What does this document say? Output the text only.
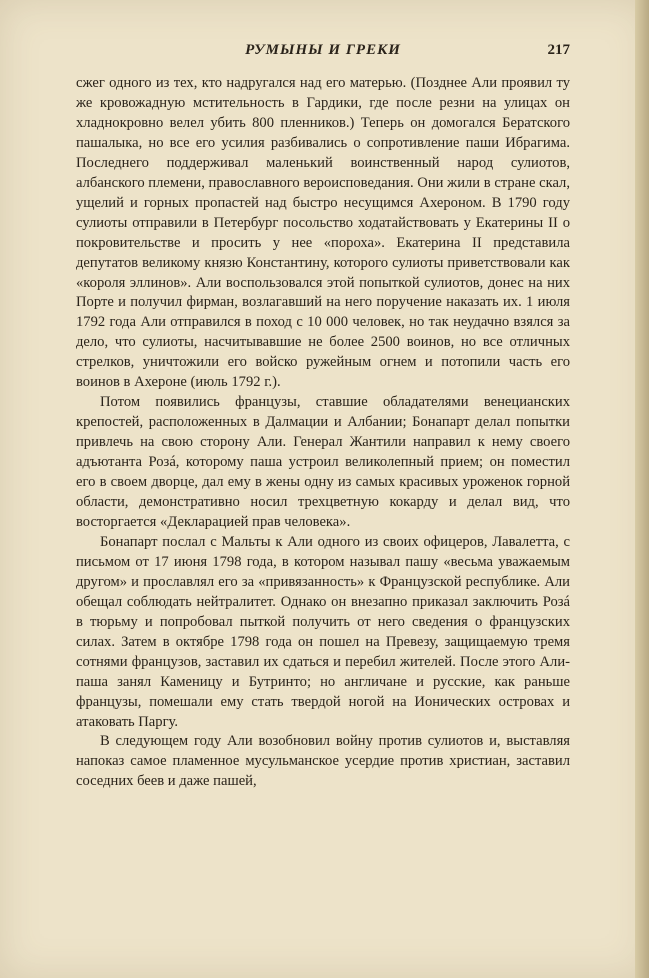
РУМЫНЫ И ГРЕКИ	217

сжег одного из тех, кто надругался над его матерью. (Позднее Али проявил ту же кровожадную мстительность в Гардики, где после резни на улицах он хладнокровно велел убить 800 пленников.) Теперь он домогался Бератского пашалыка, но все его усилия разбивались о сопротивление паши Ибрагима. Последнего поддерживал маленький воинственный народ сулиотов, албанского племени, православного вероисповедания. Они жили в стране скал, ущелий и горных пропастей над быстро несущимся Ахероном. В 1790 году сулиоты отправили в Петербург посольство ходатайствовать у Екатерины II о покровительстве и просить у нее «пороха». Екатерина II представила депутатов великому князю Константину, которого сулиоты приветствовали как «короля эллинов». Али воспользовался этой попыткой сулиотов, донес на них Порте и получил фирман, возлагавший на него поручение наказать их. 1 июля 1792 года Али отправился в поход с 10 000 человек, но так неудачно взялся за дело, что сулиоты, насчитывавшие не более 2500 воинов, но все отличных стрелков, уничтожили его войско ружейным огнем и потопили часть его воинов в Ахероне (июль 1792 г.).

Потом появились французы, ставшие обладателями венецианских крепостей, расположенных в Далмации и Албании; Бонапарт делал попытки привлечь на свою сторону Али. Генерал Жантили направил к нему своего адъютанта Розá, которому паша устроил великолепный прием; он поместил его в своем дворце, дал ему в жены одну из самых красивых уроженок горной области, демонстративно носил трехцветную кокарду и делал вид, что восторгается «Декларацией прав человека».

Бонапарт послал с Мальты к Али одного из своих офицеров, Лавалетта, с письмом от 17 июня 1798 года, в котором называл пашу «весьма уважаемым другом» и прославлял его за «привязанность» к Французской республике. Али обещал соблюдать нейтралитет. Однако он внезапно приказал заключить Розá в тюрьму и попробовал пыткой получить от него сведения о французских силах. Затем в октябре 1798 года он пошел на Превезу, защищаемую тремя сотнями французов, заставил их сдаться и перебил жителей. После этого Али-паша занял Каменицу и Бутринто; но англичане и русские, как раньше французы, помешали ему стать твердой ногой на Ионических островах и атаковать Паргу.

В следующем году Али возобновил войну против сулиотов и, выставляя напоказ самое пламенное мусульманское усердие против христиан, заставил соседних беев и даже пашей,
